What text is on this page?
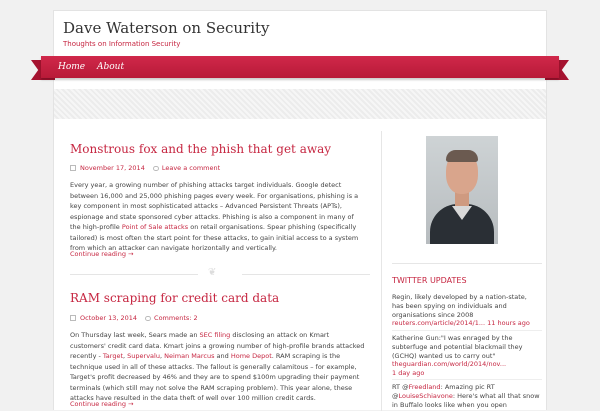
Dave Waterson on Security
Thoughts on Information Security
Monstrous fox and the phish that get away
November 17, 2014	Leave a comment
Every year, a growing number of phishing attacks target individuals. Google detect between 16,000 and 25,000 phishing pages every week. For organisations, phishing is a key component in most sophisticated attacks – Advanced Persistent Threats (APTs), espionage and state sponsored cyber attacks. Phishing is also a component in many of the high-profile Point of Sale attacks on retail organisations. Spear phishing (specifically tailored) is most often the start point for these attacks, to gain initial access to a system from which an attacker can navigate horizontally and vertically.
Continue reading →
❦
RAM scraping for credit card data
October 13, 2014	Comments: 2
On Thursday last week, Sears made an SEC filing disclosing an attack on Kmart customers' credit card data. Kmart joins a growing number of high-profile brands attacked recently - Target, Supervalu, Neiman Marcus and Home Depot. RAM scraping is the technique used in all of these attacks. The fallout is generally calamitous – for example, Target's profit decreased by 46% and they are to spend $100m upgrading their payment terminals (which still may not solve the RAM scraping problem). This year alone, these attacks have resulted in the data theft of well over 100 million credit cards.
Continue reading →
TWITTER UPDATES
Regin, likely developed by a nation-state, has been spying on individuals and organisations since 2008
reuters.com/article/2014/1... 11 hours ago
Katherine Gun:"I was enraged by the subterfuge and potential blackmail they (GCHQ) wanted us to carry out"
theguardian.com/world/2014/nov...
1 day ago
RT @Freedland: Amazing pic RT @LouiseSchiavone: Here's what all that snow in Buffalo looks like when you open
Home About
